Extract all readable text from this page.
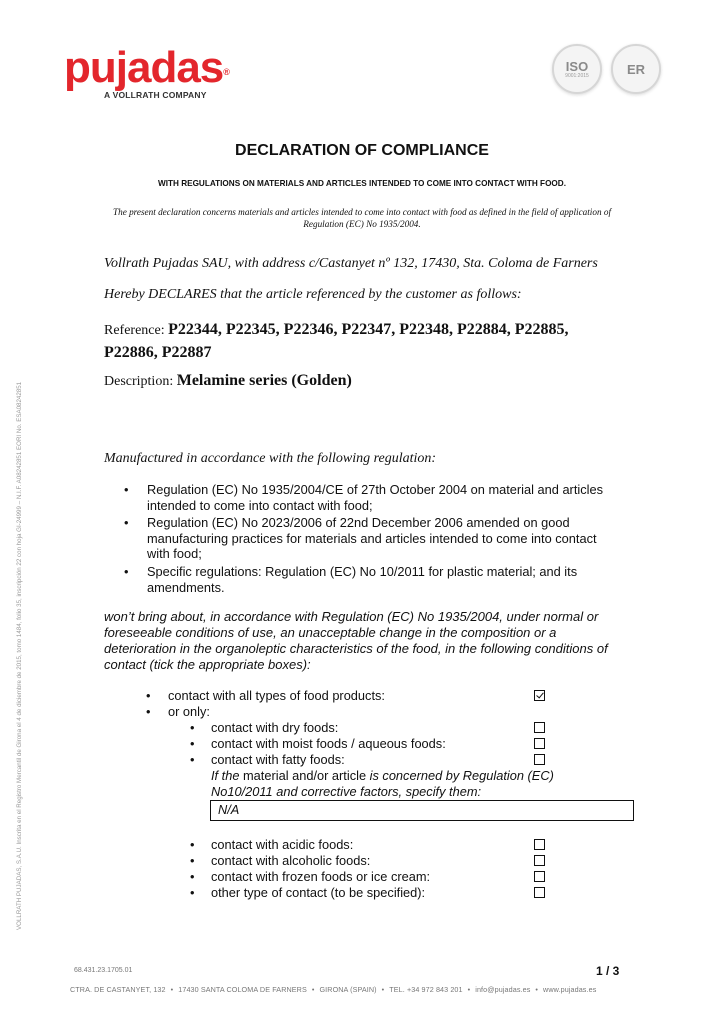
pujadas®
A VOLLRATH COMPANY
ISO
9001:2015	ER
VOLLRATH PUJADAS, S.A.U. Inscrita en el Registro Mercantil de Girona el 4 de diciembre de 2015, tomo 1484, folio 35, inscripción 22 con hoja GI-24999 – N.I.F. A08242851 EORI No. ESA08242851
DECLARATION OF COMPLIANCE
WITH REGULATIONS ON MATERIALS AND ARTICLES INTENDED TO COME INTO CONTACT WITH FOOD.
The present declaration concerns materials and articles intended to come into contact with food as defined in the field of application of Regulation (EC) No 1935/2004.
Vollrath Pujadas SAU, with address c/Castanyet nº 132, 17430, Sta. Coloma de Farners
Hereby DECLARES that the article referenced by the customer as follows:
Reference: P22344, P22345, P22346, P22347, P22348, P22884, P22885, P22886, P22887
Description: Melamine series (Golden)
Manufactured in accordance with the following regulation:
• Regulation (EC) No 1935/2004/CE of 27th October 2004 on material and articles intended to come into contact with food;
• Regulation (EC) No 2023/2006 of 22nd December 2006 amended on good manufacturing practices for materials and articles intended to come into contact with food;
• Specific regulations: Regulation (EC) No 10/2011 for plastic material; and its amendments.
won’t bring about, in accordance with Regulation (EC) No 1935/2004, under normal or foreseeable conditions of use, an unacceptable change in the composition or a deterioration in the organoleptic characteristics of the food, in the following conditions of contact (tick the appropriate boxes):
• contact with all types of food products:
• or only:
• contact with dry foods:
• contact with moist foods / aqueous foods:
• contact with fatty foods:
If the material and/or article is concerned by Regulation (EC) No10/2011 and corrective factors, specify them:
N/A
• contact with acidic foods:
• contact with alcoholic foods:
• contact with frozen foods or ice cream:
• other type of contact (to be specified):
68.431.23.1705.01	1 / 3
CTRA. DE CASTANYET, 132 • 17430 SANTA COLOMA DE FARNERS • GIRONA (SPAIN) • TEL. +34 972 843 201 • info@pujadas.es • www.pujadas.es
